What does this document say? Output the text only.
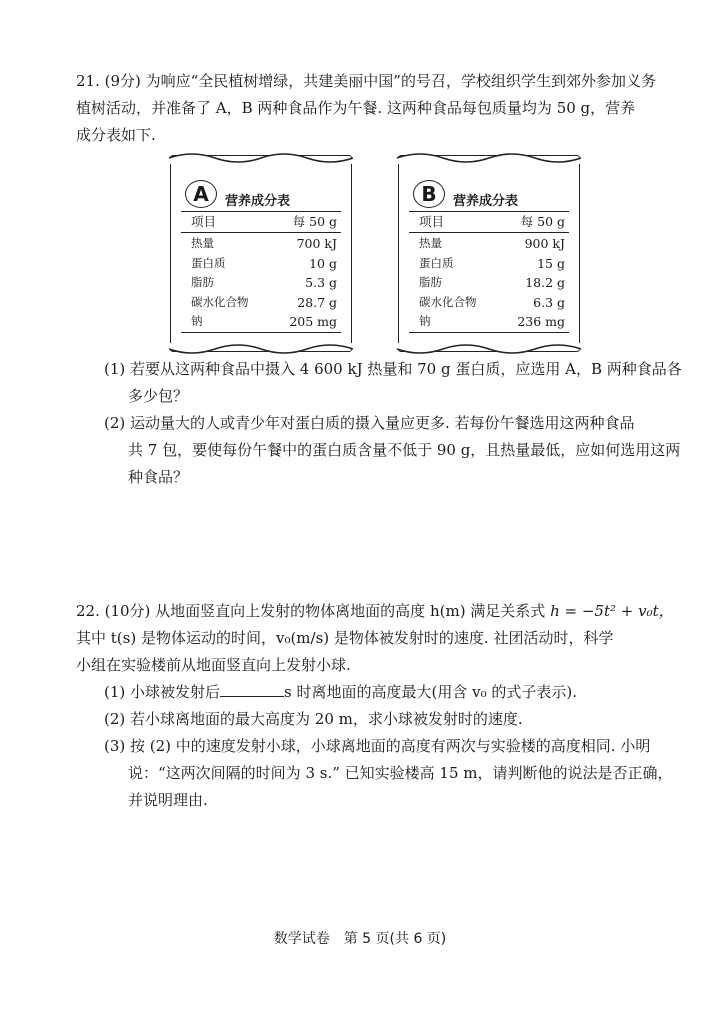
21. (9分) 为响应“全民植树增绿，共建美丽中国”的号召，学校组织学生到郊外参加义务
植树活动，并准备了 A，B 两种食品作为午餐. 这两种食品每包质量均为 50 g，营养
成分表如下.
A	营养成分表
项目	每 50 g
热量	700 kJ
蛋白质	10 g
脂肪	5.3 g
碳水化合物	28.7 g
钠	205 mg
B	营养成分表
项目	每 50 g
热量	900 kJ
蛋白质	15 g
脂肪	18.2 g
碳水化合物	6.3 g
钠	236 mg
(1) 若要从这两种食品中摄入 4 600 kJ 热量和 70 g 蛋白质，应选用 A，B 两种食品各
多少包？
(2) 运动量大的人或青少年对蛋白质的摄入量应更多. 若每份午餐选用这两种食品
共 7 包，要使每份午餐中的蛋白质含量不低于 90 g，且热量最低，应如何选用这两
种食品？
22. (10分) 从地面竖直向上发射的物体离地面的高度 h(m) 满足关系式 h = −5t² + v₀t，
其中 t(s) 是物体运动的时间，v₀(m/s) 是物体被发射时的速度. 社团活动时，科学
小组在实验楼前从地面竖直向上发射小球.
(1) 小球被发射后	s 时离地面的高度最大(用含 v₀ 的式子表示).
(2) 若小球离地面的最大高度为 20 m，求小球被发射时的速度.
(3) 按 (2) 中的速度发射小球，小球离地面的高度有两次与实验楼的高度相同. 小明
说：“这两次间隔的时间为 3 s.” 已知实验楼高 15 m，请判断他的说法是否正确，
并说明理由.
数学试卷　第 5 页(共 6 页)
